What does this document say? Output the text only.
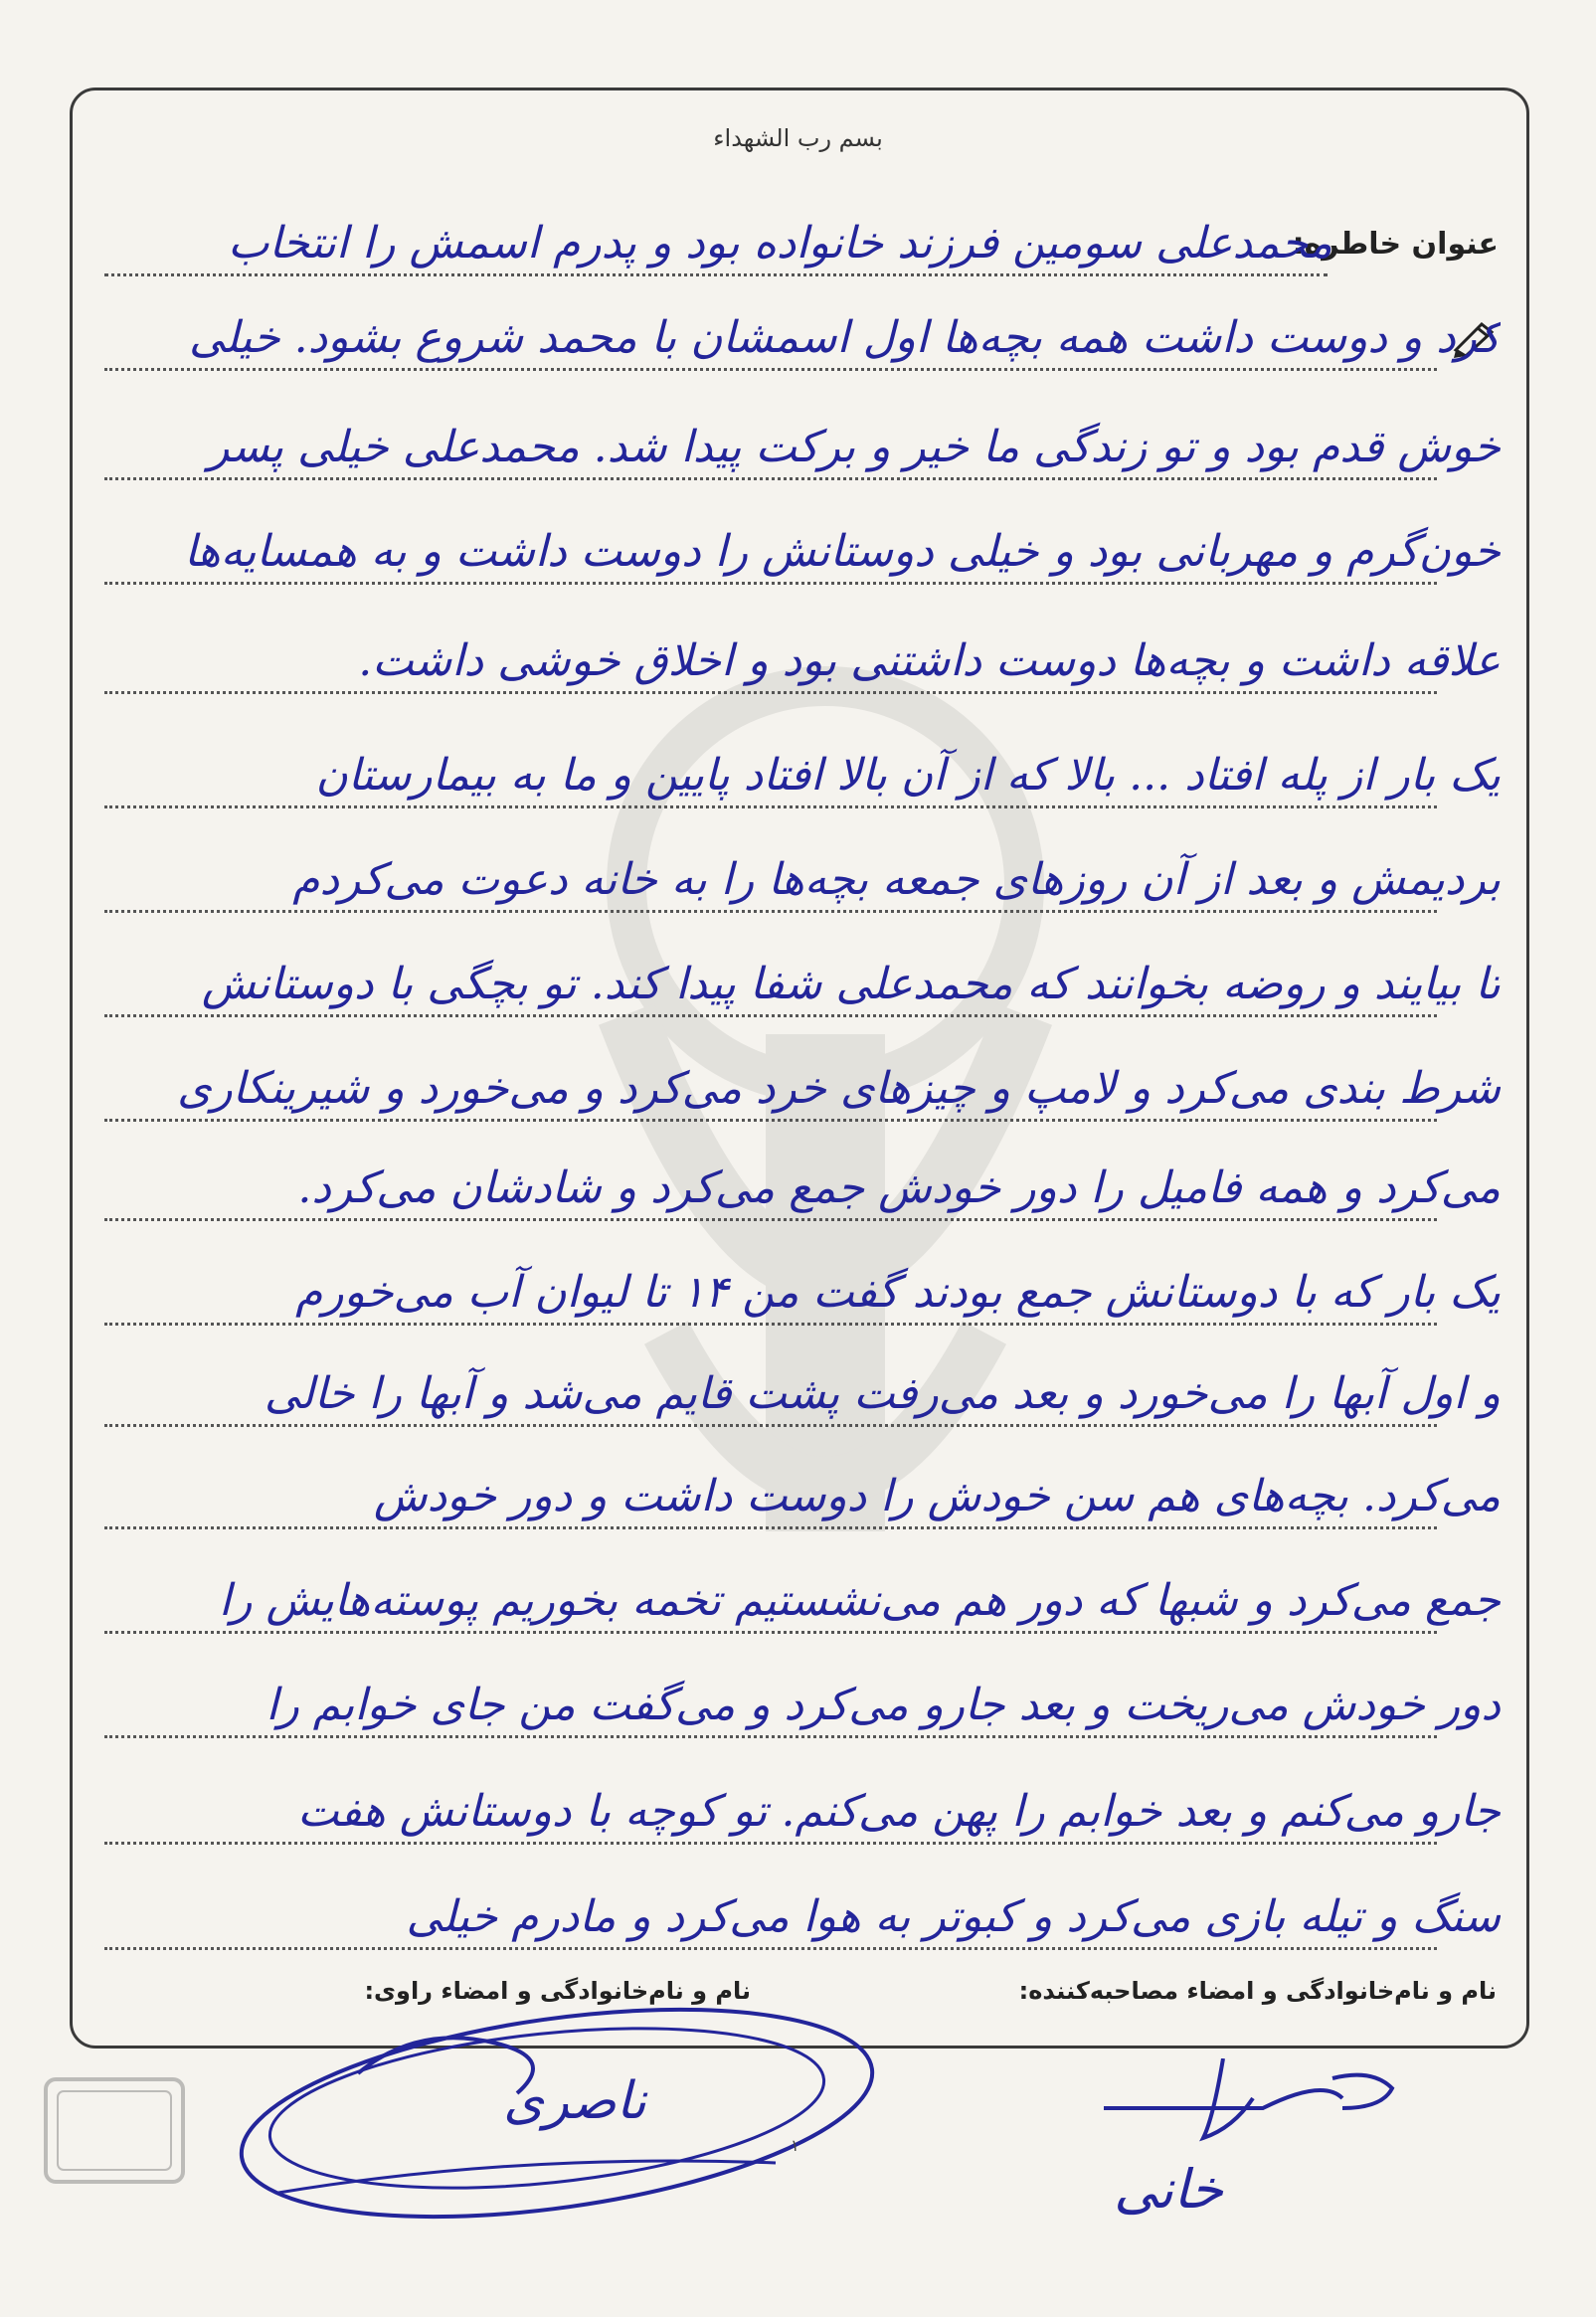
بسم رب الشهداء
عنوان خاطره:
محمدعلی سومین فرزند خانواده بود و پدرم اسمش را انتخاب
کرد و دوست داشت همه بچه‌ها اول اسمشان با محمد شروع بشود. خیلی
خوش قدم بود و تو زندگی ما خیر و برکت پیدا شد. محمدعلی خیلی پسر
خون‌گرم و مهربانی بود و خیلی دوستانش را دوست داشت و به همسایه‌ها
علاقه داشت و بچه‌ها دوست داشتنی بود و اخلاق خوشی داشت.
یک بار از پله افتاد ... بالا که از آن بالا افتاد پایین و ما به بیمارستان
بردیمش و بعد از آن روزهای جمعه بچه‌ها را به خانه دعوت می‌کردم
تا بیایند و روضه بخوانند که محمدعلی شفا پیدا کند. تو بچگی با دوستانش
شرط بندی می‌کرد و لامپ و چیزهای خرد می‌کرد و می‌خورد و شیرینکاری
می‌کرد و همه فامیل را دور خودش جمع می‌کرد و شادشان می‌کرد.
یک بار که با دوستانش جمع بودند گفت من ۱۴ تا لیوان آب می‌خورم
و اول آبها را می‌خورد و بعد می‌رفت پشت قایم می‌شد و آبها را خالی
می‌کرد. بچه‌های هم سن خودش را دوست داشت و دور خودش
جمع می‌کرد و شبها که دور هم می‌نشستیم تخمه بخوریم پوسته‌هایش را
دور خودش می‌ریخت و بعد جارو می‌کرد و می‌گفت من جای خوابم را
جارو می‌کنم و بعد خوابم را پهن می‌کنم. تو کوچه با دوستانش هفت
سنگ و تیله بازی می‌کرد و کبوتر به هوا می‌کرد و مادرم خیلی
نام و نام‌خانوادگی و امضاء مصاحبه‌کننده:
نام و نام‌خانوادگی و امضاء راوی:
ناصری
خانی
۱
